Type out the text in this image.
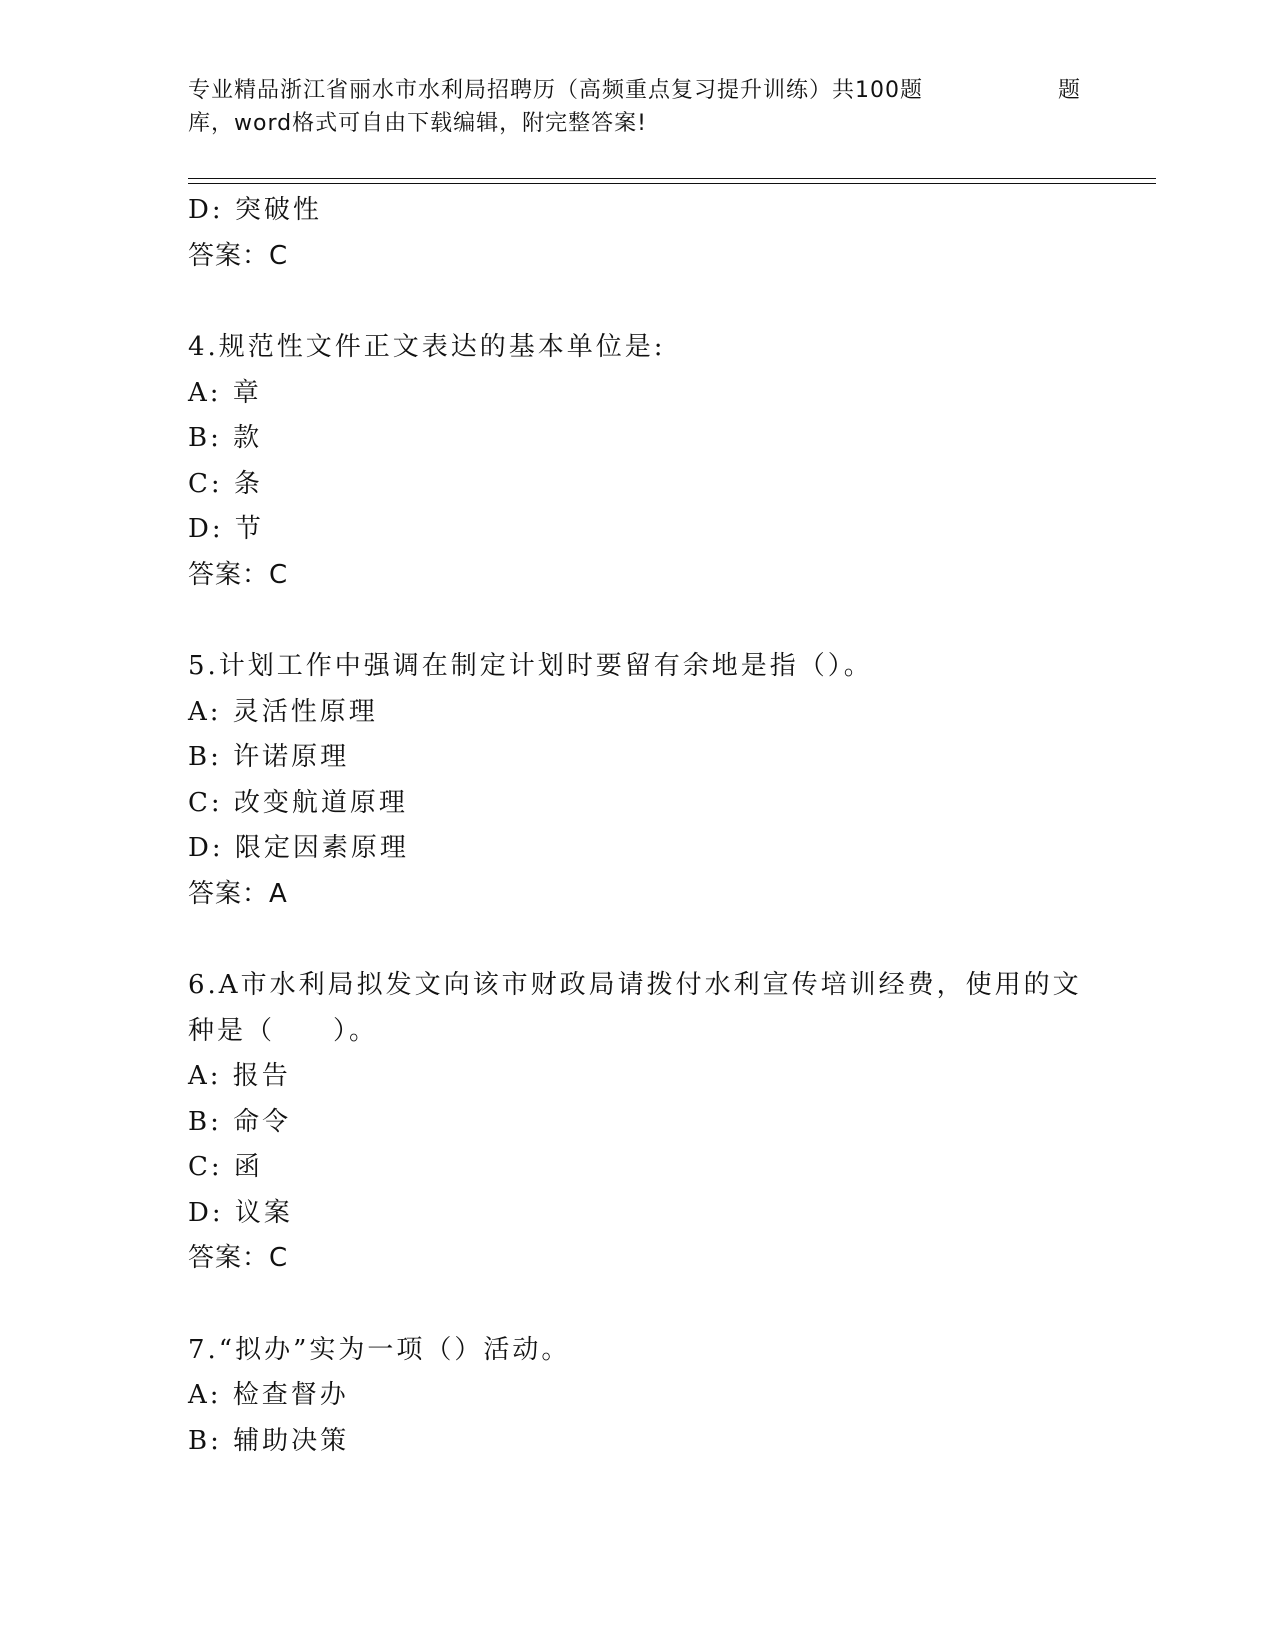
专业精品浙江省丽水市水利局招聘历（高频重点复习提升训练）共100题	题
库，word格式可自由下载编辑，附完整答案!
D: 突破性
答案：C
4.规范性文件正文表达的基本单位是:
A: 章
B: 款
C: 条
D: 节
答案：C
5.计划工作中强调在制定计划时要留有余地是指（）。
A: 灵活性原理
B: 许诺原理
C: 改变航道原理
D: 限定因素原理
答案：A
6.A市水利局拟发文向该市财政局请拨付水利宣传培训经费，使用的文
种是（　　）。
A: 报告
B: 命令
C: 函
D: 议案
答案：C
7.“拟办”实为一项（）活动。
A: 检查督办
B: 辅助决策
